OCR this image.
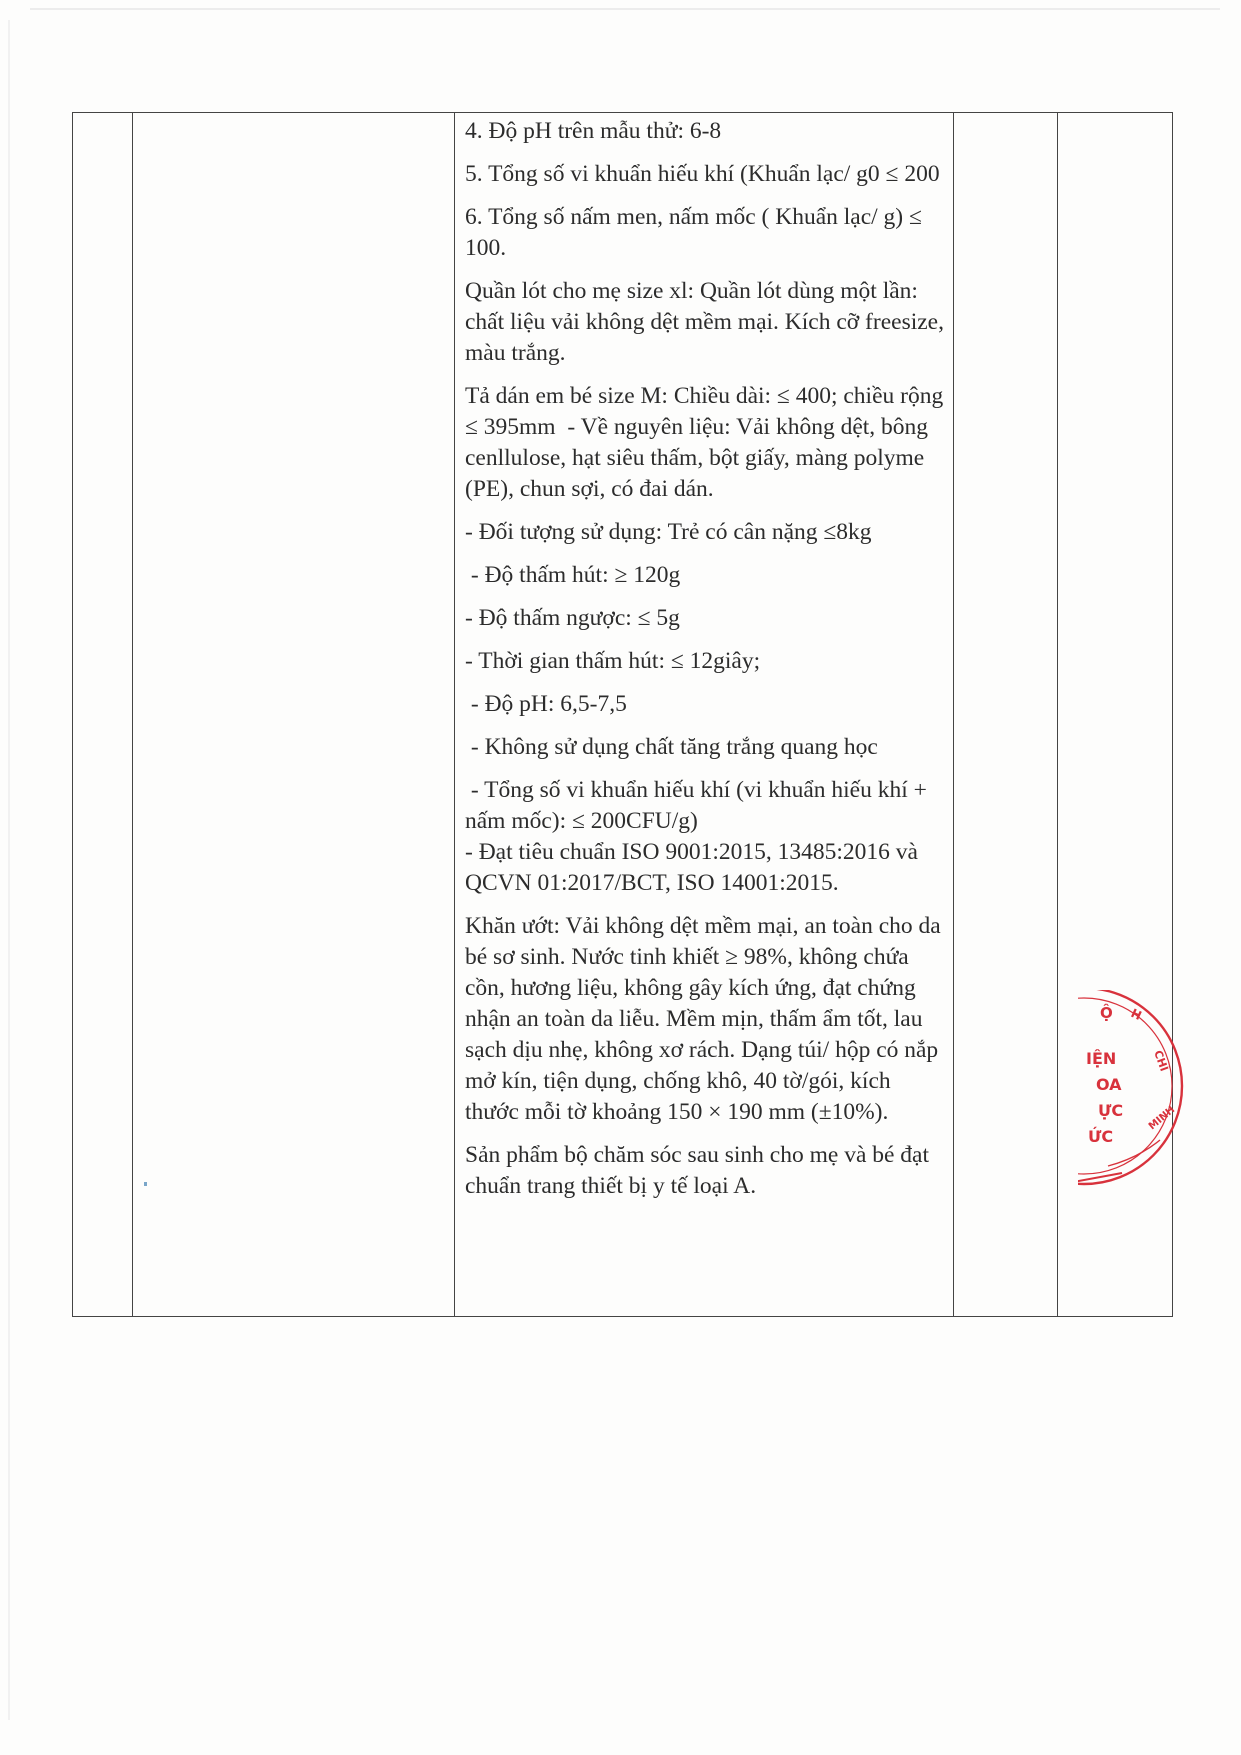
4. Độ pH trên mẫu thử: 6-8

5. Tổng số vi khuẩn hiếu khí (Khuẩn lạc/ g0 ≤ 200

6. Tổng số nấm men, nấm mốc ( Khuẩn lạc/ g) ≤ 100.

Quần lót cho mẹ size xl: Quần lót dùng một lần: chất liệu vải không dệt mềm mại. Kích cỡ freesize, màu trắng.

Tả dán em bé size M: Chiều dài: ≤ 400; chiều rộng ≤ 395mm  - Về nguyên liệu: Vải không dệt, bông cenllulose, hạt siêu thấm, bột giấy, màng polyme (PE), chun sợi, có đai dán.

- Đối tượng sử dụng: Trẻ có cân nặng ≤8kg

- Độ thấm hút: ≥ 120g

- Độ thấm ngược: ≤ 5g

- Thời gian thấm hút: ≤ 12giây;

- Độ pH: 6,5-7,5

- Không sử dụng chất tăng trắng quang học

- Tổng số vi khuẩn hiếu khí (vi khuẩn hiếu khí + nấm mốc): ≤ 200CFU/g)

- Đạt tiêu chuẩn ISO 9001:2015, 13485:2016 và QCVN 01:2017/BCT, ISO 14001:2015.

Khăn ướt: Vải không dệt mềm mại, an toàn cho da bé sơ sinh. Nước tinh khiết ≥ 98%, không chứa cồn, hương liệu, không gây kích ứng, đạt chứng nhận an toàn da liễu. Mềm mịn, thấm ẩm tốt, lau sạch dịu nhẹ, không xơ rách. Dạng túi/ hộp có nắp mở kín, tiện dụng, chống khô, 40 tờ/gói, kích thước mỗi tờ khoảng 150 × 190 mm (±10%).

Sản phẩm bộ chăm sóc sau sinh cho mẹ và bé đạt chuẩn trang thiết bị y tế loại A.

Ộ H
IỆN
OA
ỰC
ỨC
CHÍ
MINH
